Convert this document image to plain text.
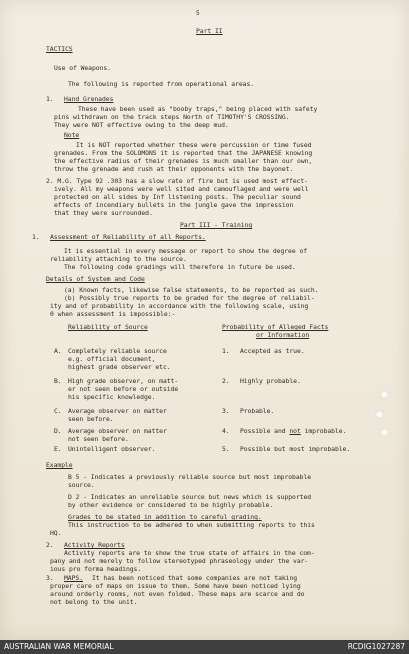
5
Part II
TACTICS
Use of Weapons.
The following is reported from operational areas.
1. Hand Grenades
These have been used as "booby traps," being placed with safety
pins withdrawn on the track steps North of TIMOTHY'S CROSSING.
They were NOT effective owing to the deep mud.
Note
It is NOT reported whether these were percussion or time fused
grenades. From the SOLOMONS it is reported that the JAPANESE knowing
the effective radius of their grenades is much smaller than our own,
throw the grenade and rush at their opponents with the bayonet.
2. M.G. Type 92 .303 has a slow rate of fire but is used most effect-
ively. All my weapons were well sited and camouflaged and were well
protected on all sides by Inf listening posts. The peculiar sound
effects of incendiary bullets in the jungle gave the impression
that they were surrounded.
Part III - Training
1. Assessment of Reliability of all Reports.
It is essential in every message or report to show the degree of
reliability attaching to the source.
The following code gradings will therefore in future be used.
Details of System and Code
(a) Known facts, likewise false statements, to be reported as such.
(b) Possibly true reports to be graded for the degree of reliabil-
ity and of probability in accordance with the following scale, using
0 when assessment is impossible:-
Reliability of Source	Probability of Alleged Facts
or Information
A. Completely reliable source
e.g. official document,
highest grade observer etc.
B. High grade observer, on matt-
er not seen before or outside
his specific knowledge.
C. Average observer on matter
seen before.
D. Average observer on matter
not seen before.
E. Unintelligent observer.
1. Accepted as true.
2. Highly probable.
3. Probable.
4. Possible and not improbable.
5. Possible but most improbable.
Example
B 5 - Indicates a previously reliable source but most improbable
source.
D 2 - Indicates an unreliable source but news which is supported
by other evidence or considered to be highly probable.
Grades to be stated in addition to careful grading.
This instruction to be adhered to when submitting reports to this
HQ.
2. Activity Reports
Activity reports are to show the true state of affairs in the com-
pany and not merely to follow stereotyped phraseology under the var-
ious pro forma headings.
3. MAPS. It has been noticed that some companies are not taking
proper care of maps on issue to them. Some have been noticed lying
around orderly rooms, not even folded. These maps are scarce and do
not belong to the unit.
AUSTRALIAN WAR MEMORIAL	RCDIG1027287
